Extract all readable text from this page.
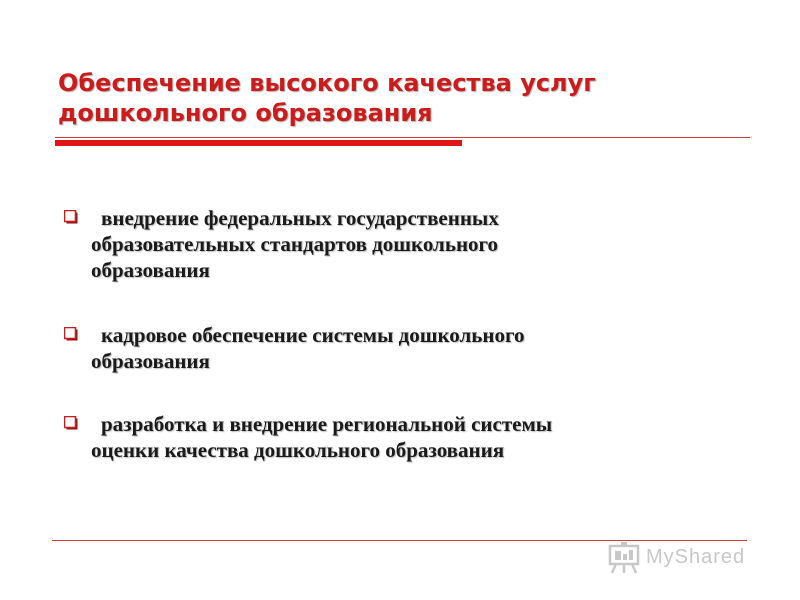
Обеспечение высокого качества услуг
дошкольного образования
внедрение федеральных государственных
образовательных стандартов дошкольного
образования
кадровое обеспечение системы дошкольного
образования
разработка и внедрение региональной системы
оценки качества дошкольного образования
MyShared
